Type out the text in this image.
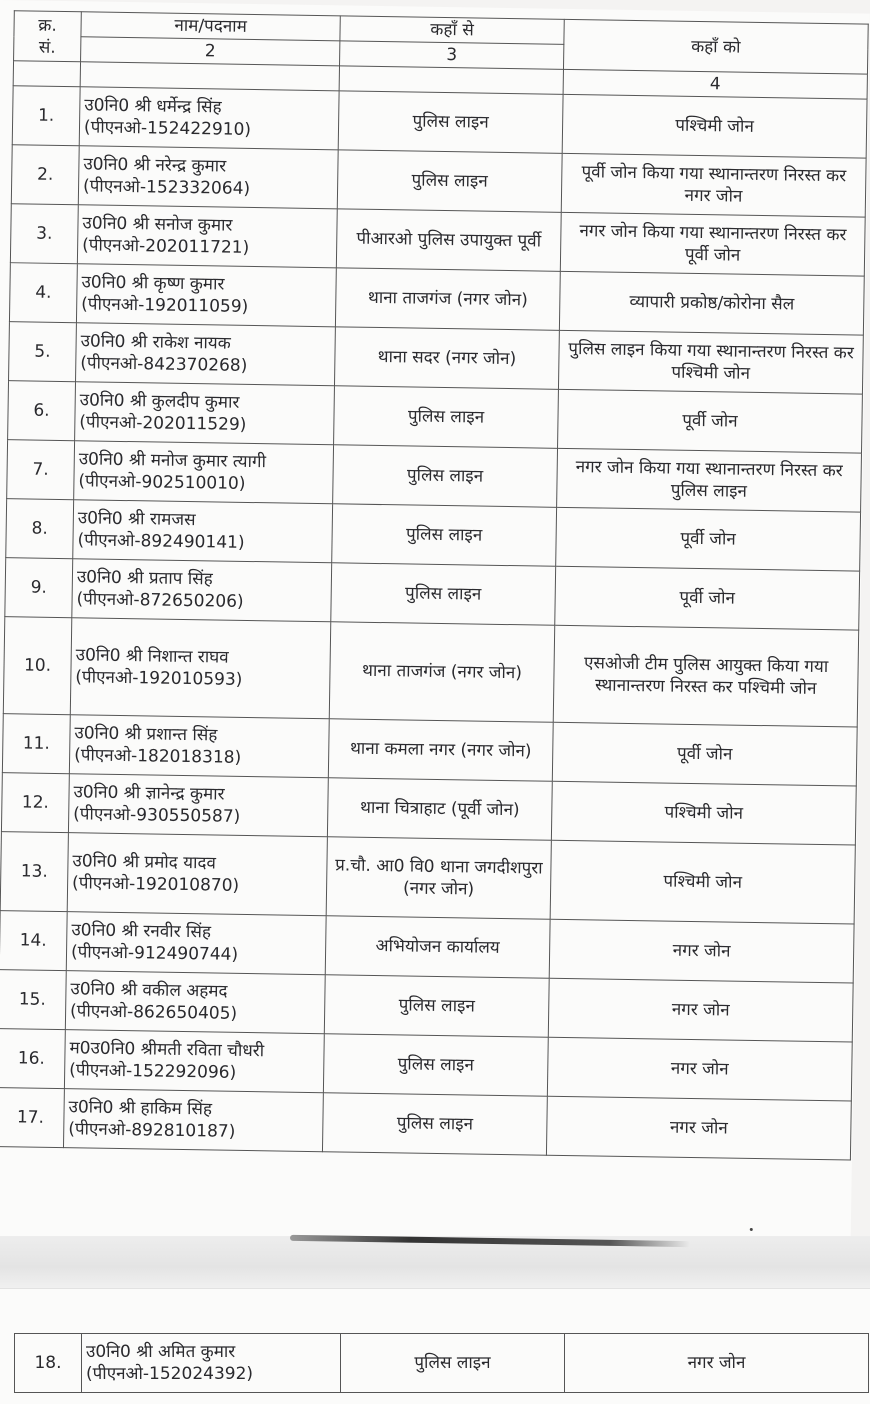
क्र.
सं.	नाम/पदनाम	कहाँ से	कहाँ को
	2	3	
			4
1.	उ0नि0 श्री धर्मेन्द्र सिंह
(पीएनओ-152422910)	पुलिस लाइन	पश्चिमी जोन
2.	उ0नि0 श्री नरेन्द्र कुमार
(पीएनओ-152332064)	पुलिस लाइन	पूर्वी जोन किया गया स्थानान्तरण निरस्त कर नगर जोन
3.	उ0नि0 श्री सनोज कुमार
(पीएनओ-202011721)	पीआरओ पुलिस उपायुक्त पूर्वी	नगर जोन किया गया स्थानान्तरण निरस्त कर पूर्वी जोन
4.	उ0नि0 श्री कृष्ण कुमार
(पीएनओ-192011059)	थाना ताजगंज (नगर जोन)	व्यापारी प्रकोष्ठ/कोरोना सैल
5.	उ0नि0 श्री राकेश नायक
(पीएनओ-842370268)	थाना सदर (नगर जोन)	पुलिस लाइन किया गया स्थानान्तरण निरस्त कर पश्चिमी जोन
6.	उ0नि0 श्री कुलदीप कुमार
(पीएनओ-202011529)	पुलिस लाइन	पूर्वी जोन
7.	उ0नि0 श्री मनोज कुमार त्यागी
(पीएनओ-902510010)	पुलिस लाइन	नगर जोन किया गया स्थानान्तरण निरस्त कर पुलिस लाइन
8.	उ0नि0 श्री रामजस
(पीएनओ-892490141)	पुलिस लाइन	पूर्वी जोन
9.	उ0नि0 श्री प्रताप सिंह
(पीएनओ-872650206)	पुलिस लाइन	पूर्वी जोन
10.	उ0नि0 श्री निशान्त राघव
(पीएनओ-192010593)	थाना ताजगंज (नगर जोन)	एसओजी टीम पुलिस आयुक्त किया गया स्थानान्तरण निरस्त कर पश्चिमी जोन
11.	उ0नि0 श्री प्रशान्त सिंह
(पीएनओ-182018318)	थाना कमला नगर (नगर जोन)	पूर्वी जोन
12.	उ0नि0 श्री ज्ञानेन्द्र कुमार
(पीएनओ-930550587)	थाना चित्राहाट (पूर्वी जोन)	पश्चिमी जोन
13.	उ0नि0 श्री प्रमोद यादव
(पीएनओ-192010870)	प्र.चौ. आ0 वि0 थाना जगदीशपुरा (नगर जोन)	पश्चिमी जोन
14.	उ0नि0 श्री रनवीर सिंह
(पीएनओ-912490744)	अभियोजन कार्यालय	नगर जोन
15.	उ0नि0 श्री वकील अहमद
(पीएनओ-862650405)	पुलिस लाइन	नगर जोन
16.	म0उ0नि0 श्रीमती रविता चौधरी
(पीएनओ-152292096)	पुलिस लाइन	नगर जोन
17.	उ0नि0 श्री हाकिम सिंह
(पीएनओ-892810187)	पुलिस लाइन	नगर जोन
18.	
उ0नि0 श्री अमित कुमार
(पीएनओ-152024392)
	पुलिस लाइन	नगर जोन
